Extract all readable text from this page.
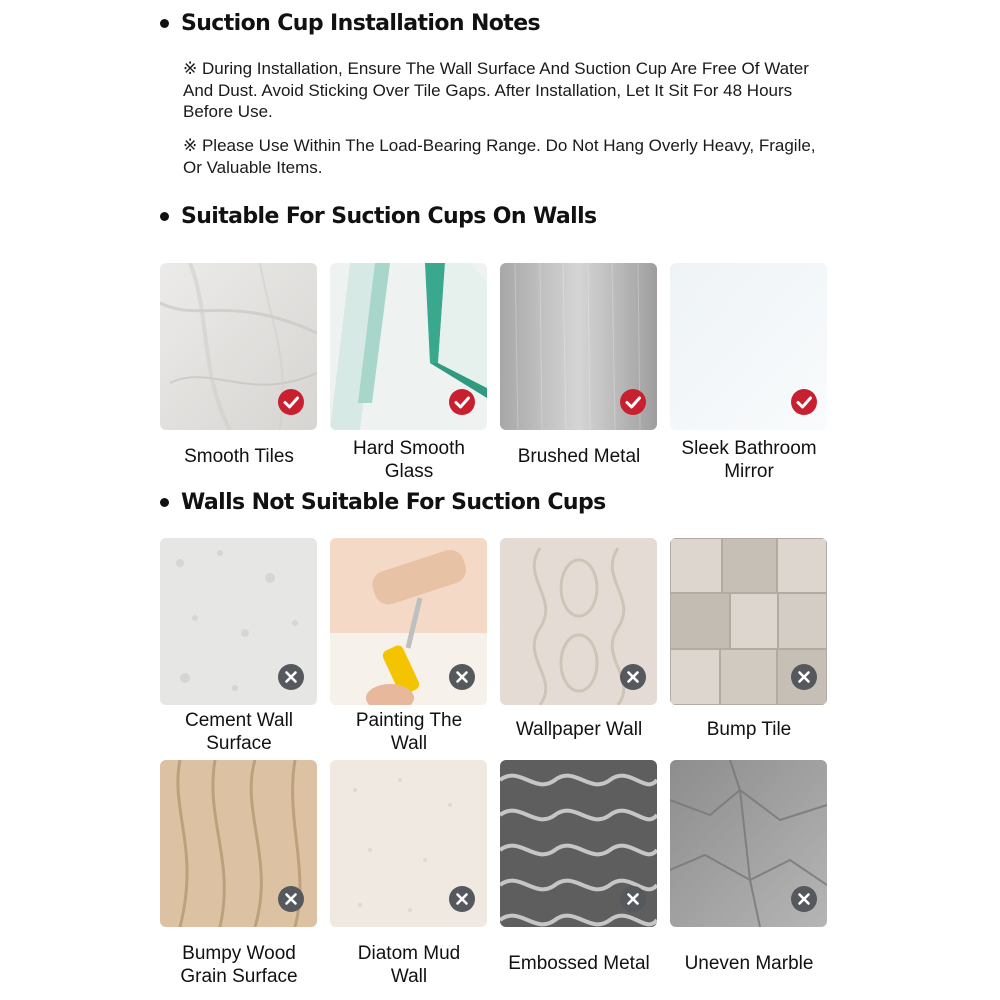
Suction Cup Installation Notes

※ During Installation, Ensure The Wall Surface And Suction Cup Are Free Of Water And Dust. Avoid Sticking Over Tile Gaps. After Installation, Let It Sit For 48 Hours Before Use.

※ Please Use Within The Load-Bearing Range. Do Not Hang Overly Heavy, Fragile, Or Valuable Items.

Suitable For Suction Cups On Walls
Smooth Tiles	Hard Smooth
Glass
Brushed Metal	Sleek Bathroom
Mirror
Walls Not Suitable For Suction Cups
Cement Wall
Surface
Painting The
Wall
Wallpaper Wall	Bump Tile
Bumpy Wood
Grain Surface
Diatom Mud
Wall
Embossed Metal	Uneven Marble
